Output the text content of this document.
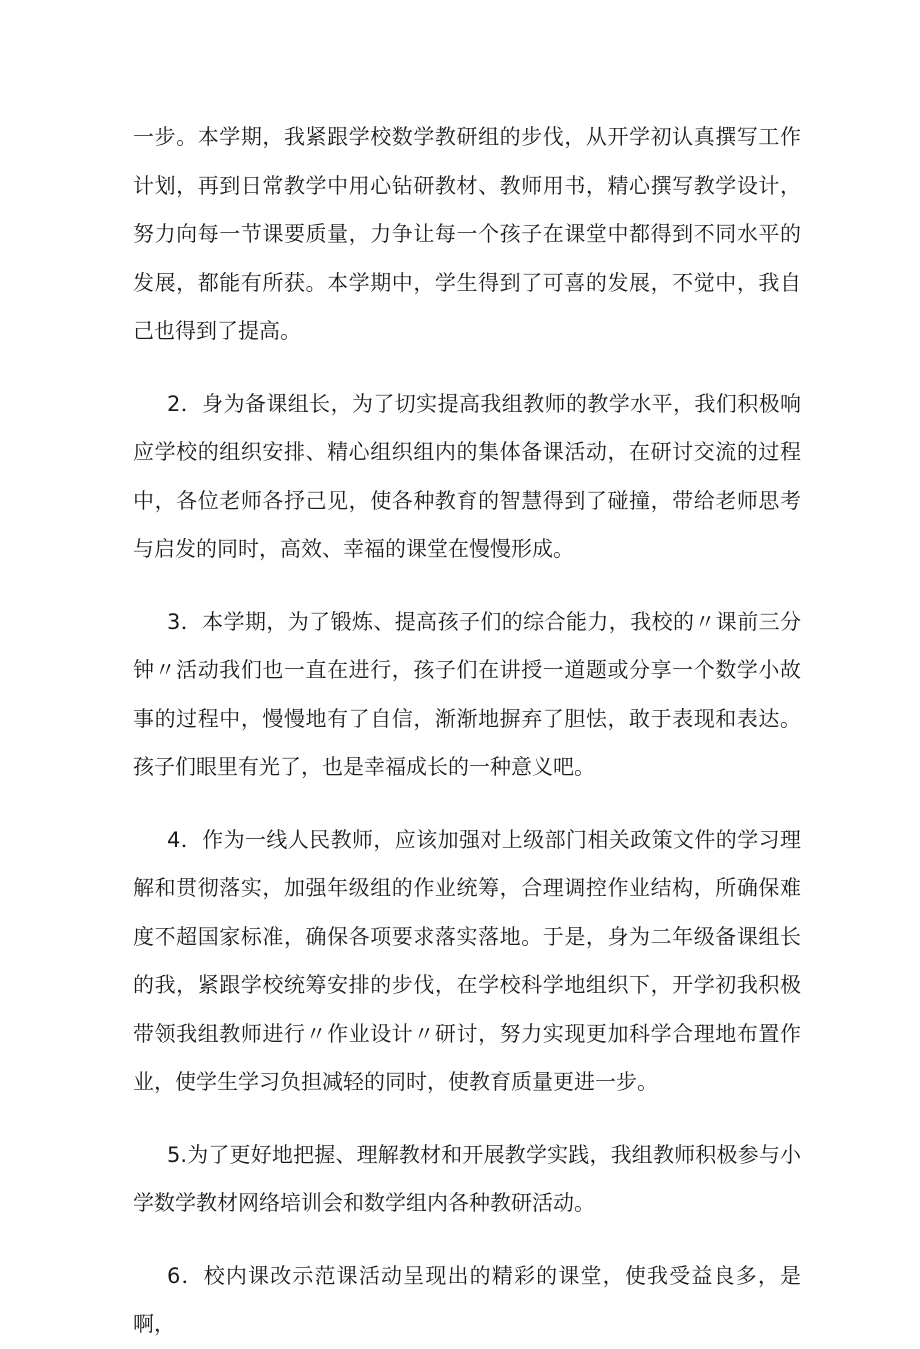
一步。本学期，我紧跟学校数学教研组的步伐，从开学初认真撰写工作计划，再到日常教学中用心钻研教材、教师用书，精心撰写教学设计，努力向每一节课要质量，力争让每一个孩子在课堂中都得到不同水平的发展，都能有所获。本学期中，学生得到了可喜的发展，不觉中，我自己也得到了提高。

2．身为备课组长，为了切实提高我组教师的教学水平，我们积极响应学校的组织安排、精心组织组内的集体备课活动，在研讨交流的过程中，各位老师各抒己见，使各种教育的智慧得到了碰撞，带给老师思考与启发的同时，高效、幸福的课堂在慢慢形成。

3．本学期，为了锻炼、提高孩子们的综合能力，我校的〃课前三分钟〃活动我们也一直在进行，孩子们在讲授一道题或分享一个数学小故事的过程中，慢慢地有了自信，渐渐地摒弃了胆怯，敢于表现和表达。孩子们眼里有光了，也是幸福成长的一种意义吧。

4．作为一线人民教师，应该加强对上级部门相关政策文件的学习理解和贯彻落实，加强年级组的作业统筹，合理调控作业结构，所确保难度不超国家标准，确保各项要求落实落地。于是，身为二年级备课组长的我，紧跟学校统筹安排的步伐，在学校科学地组织下，开学初我积极带领我组教师进行〃作业设计〃研讨，努力实现更加科学合理地布置作业，使学生学习负担减轻的同时，使教育质量更进一步。

5.为了更好地把握、理解教材和开展教学实践，我组教师积极参与小学数学教材网络培训会和数学组内各种教研活动。

6．校内课改示范课活动呈现出的精彩的课堂，使我受益良多，是啊，
